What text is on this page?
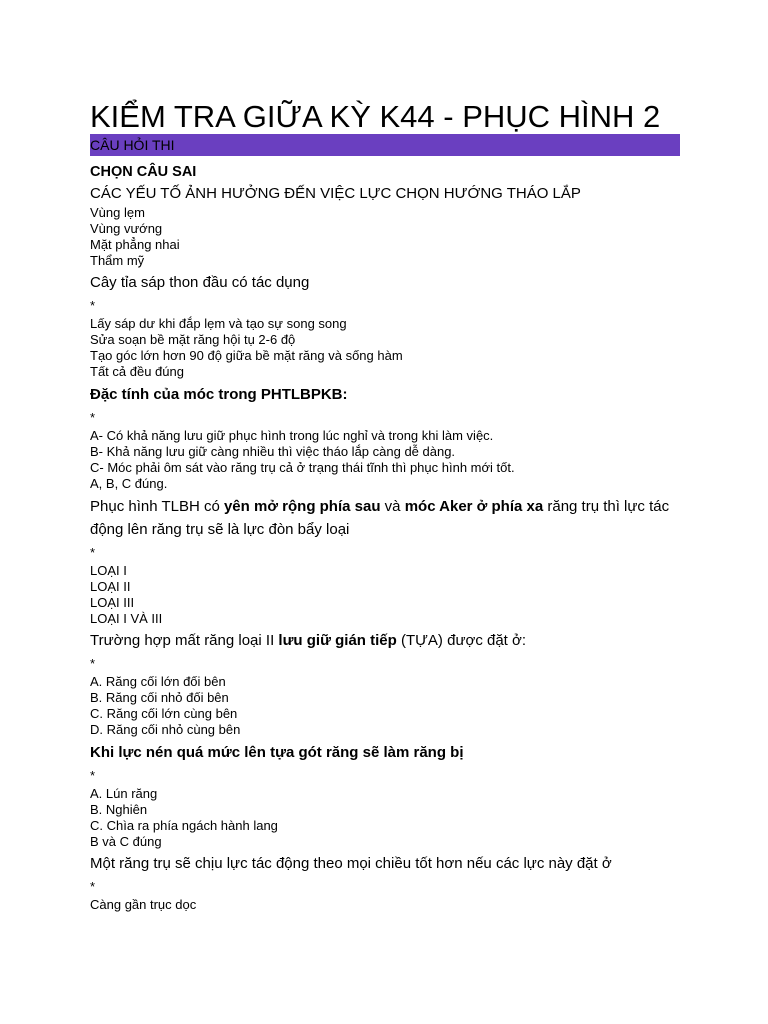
KIỂM TRA GIỮA KỲ K44 - PHỤC HÌNH 2
CÂU HỎI THI
CHỌN CÂU SAI
CÁC YẾU TỐ ẢNH HƯỞNG ĐẾN VIỆC LỰC CHỌN HƯỚNG THÁO LẮP
Vùng lẹm
Vùng vướng
Mặt phẳng nhai
Thẩm mỹ
Cây tỉa sáp thon đầu có tác dụng
*
Lấy sáp dư khi đắp lẹm và tạo sự song song
Sửa soạn bề mặt răng hội tụ 2-6 độ
Tạo góc lớn hơn 90 độ giữa bề mặt răng và sống hàm
Tất cả đều đúng
Đặc tính của móc trong PHTLBPKB:
*
A- Có khả năng lưu giữ phục hình trong lúc nghỉ và trong khi làm việc.
B- Khả năng lưu giữ càng nhiều thì việc tháo lắp càng dễ dàng.
C- Móc phải ôm sát vào răng trụ cả ở trạng thái tĩnh thì phục hình mới tốt.
A, B, C đúng.
Phục hình TLBH có yên mở rộng phía sau và móc Aker ở phía xa răng trụ thì lực tác động lên răng trụ sẽ là lực đòn bẩy loại
*
LOẠI I
LOẠI II
LOẠI III
LOẠI I VÀ III
Trường hợp mất răng loại II lưu giữ gián tiếp (TỰA) được đặt ở:
*
A. Răng cối lớn đối bên
B. Răng cối nhỏ đối bên
C. Răng cối lớn cùng bên
D. Răng cối nhỏ cùng bên
Khi lực nén quá mức lên tựa gót răng sẽ làm răng bị
*
A. Lún răng
B. Nghiên
C. Chìa ra phía ngách hành lang
B và C đúng
Một răng trụ sẽ chịu lực tác động theo mọi chiều tốt hơn nếu các lực này đặt ở
*
Càng gần trục dọc
